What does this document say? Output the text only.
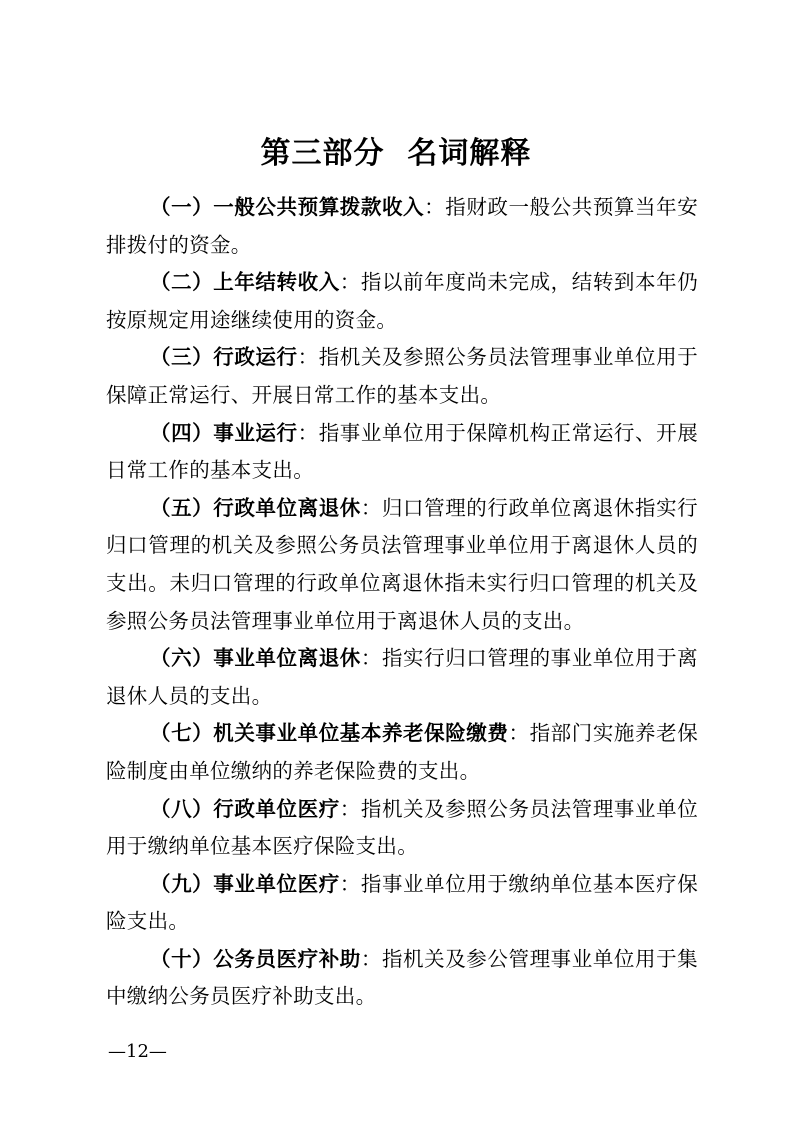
第三部分  名词解释

（一）一般公共预算拨款收入：指财政一般公共预算当年安排拨付的资金。

（二）上年结转收入：指以前年度尚未完成，结转到本年仍按原规定用途继续使用的资金。

（三）行政运行：指机关及参照公务员法管理事业单位用于保障正常运行、开展日常工作的基本支出。

（四）事业运行：指事业单位用于保障机构正常运行、开展日常工作的基本支出。

（五）行政单位离退休：归口管理的行政单位离退休指实行归口管理的机关及参照公务员法管理事业单位用于离退休人员的支出。未归口管理的行政单位离退休指未实行归口管理的机关及参照公务员法管理事业单位用于离退休人员的支出。

（六）事业单位离退休：指实行归口管理的事业单位用于离退休人员的支出。

（七）机关事业单位基本养老保险缴费：指部门实施养老保险制度由单位缴纳的养老保险费的支出。

（八）行政单位医疗：指机关及参照公务员法管理事业单位用于缴纳单位基本医疗保险支出。

（九）事业单位医疗：指事业单位用于缴纳单位基本医疗保险支出。

（十）公务员医疗补助：指机关及参公管理事业单位用于集中缴纳公务员医疗补助支出。

—12—
